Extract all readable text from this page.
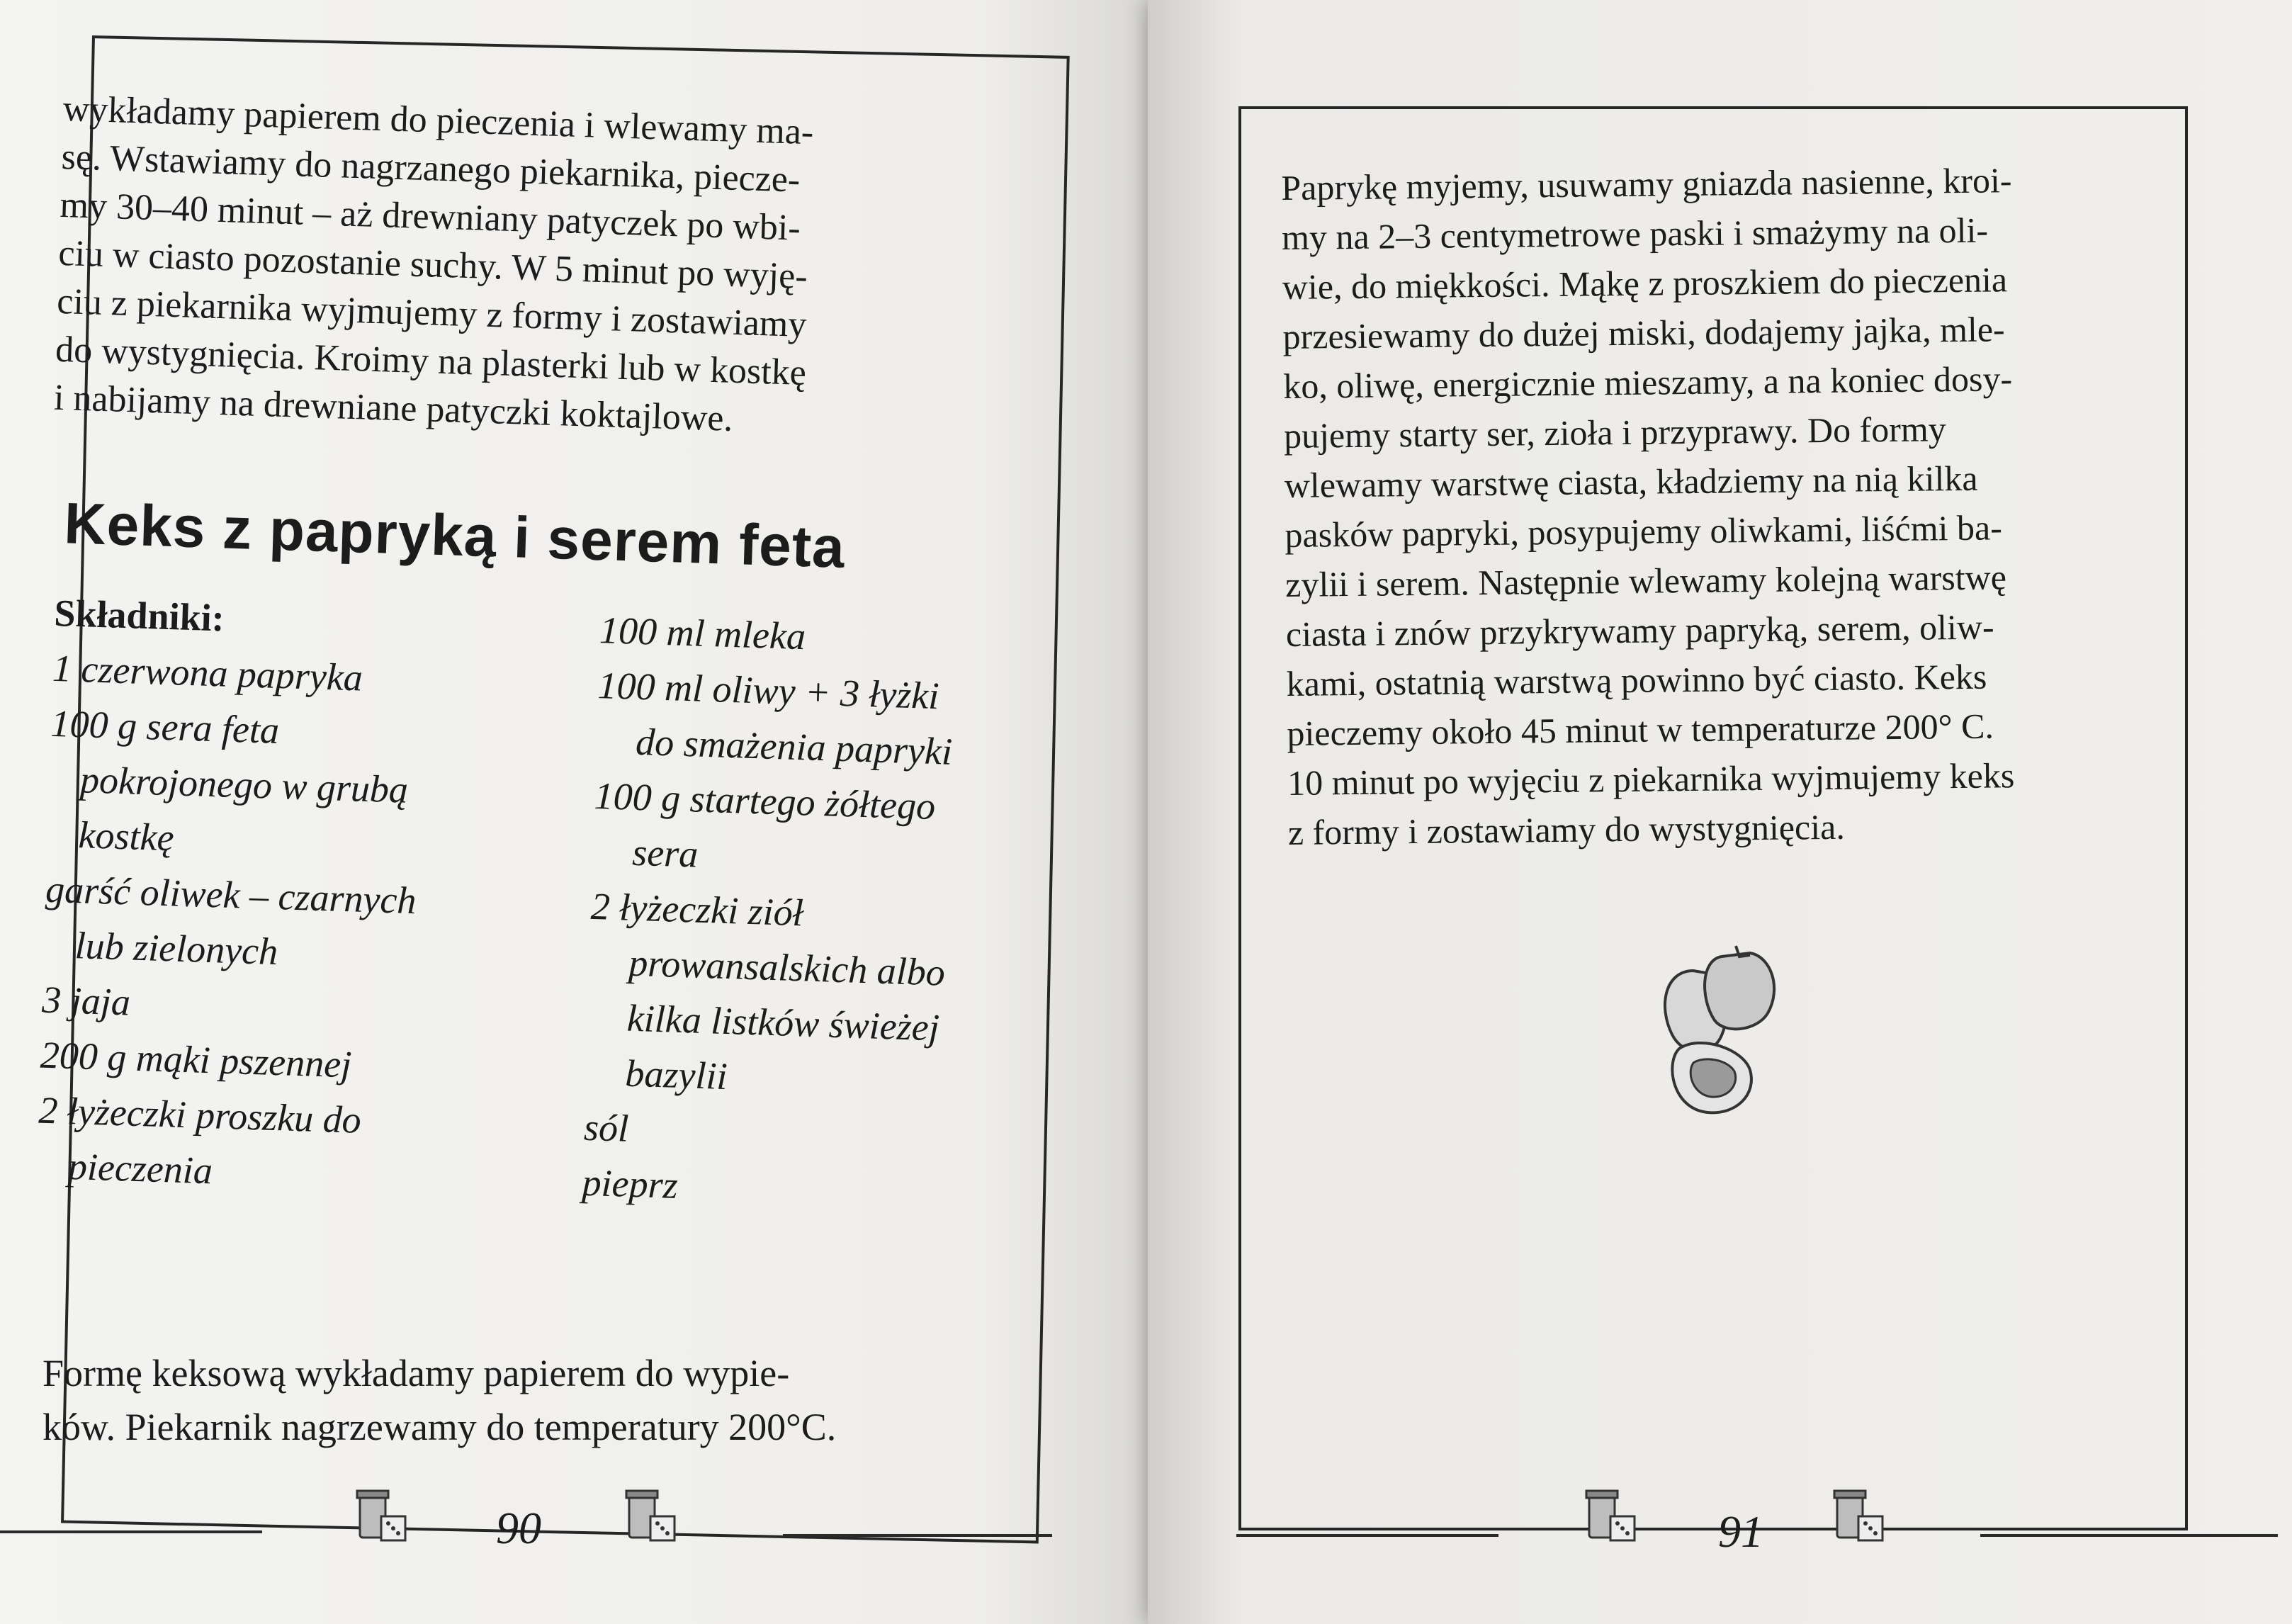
wykładamy papierem do pieczenia i wlewamy ma-
sę. Wstawiamy do nagrzanego piekarnika, piecze-
my 30–40 minut – aż drewniany patyczek po wbi-
ciu w ciasto pozostanie suchy. W 5 minut po wyję-
ciu z piekarnika wyjmujemy z formy i zostawiamy
do wystygnięcia. Kroimy na plasterki lub w kostkę
i nabijamy na drewniane patyczki koktajlowe.
Keks z papryką i serem feta
Składniki:
1 czerwona papryka
100 g sera feta
pokrojonego w grubą
kostkę
garść oliwek – czarnych
lub zielonych
3 jaja
200 g mąki pszennej
2 łyżeczki proszku do
pieczenia
100 ml mleka
100 ml oliwy + 3 łyżki
do smażenia papryki
100 g startego żółtego
sera
2 łyżeczki ziół
prowansalskich albo
kilka listków świeżej
bazylii
sól
pieprz
Formę keksową wykładamy papierem do wypie-
ków. Piekarnik nagrzewamy do temperatury 200°C.
90
Paprykę myjemy, usuwamy gniazda nasienne, kroi-
my na 2–3 centymetrowe paski i smażymy na oli-
wie, do miękkości. Mąkę z proszkiem do pieczenia
przesiewamy do dużej miski, dodajemy jajka, mle-
ko, oliwę, energicznie mieszamy, a na koniec dosy-
pujemy starty ser, zioła i przyprawy. Do formy
wlewamy warstwę ciasta, kładziemy na nią kilka
pasków papryki, posypujemy oliwkami, liśćmi ba-
zylii i serem. Następnie wlewamy kolejną warstwę
ciasta i znów przykrywamy papryką, serem, oliw-
kami, ostatnią warstwą powinno być ciasto. Keks
pieczemy około 45 minut w temperaturze 200° C.
10 minut po wyjęciu z piekarnika wyjmujemy keks
z formy i zostawiamy do wystygnięcia.
91
